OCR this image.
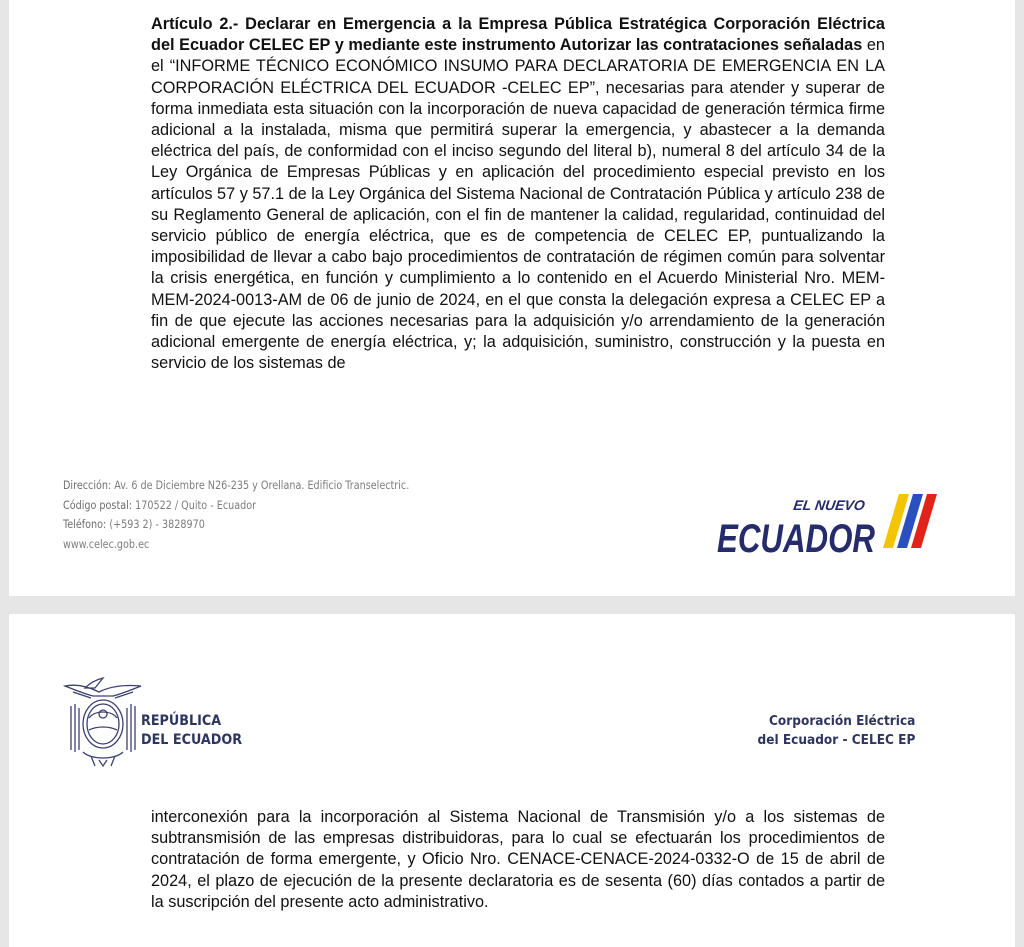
Artículo 2.- Declarar en Emergencia a la Empresa Pública Estratégica Corporación Eléctrica del Ecuador CELEC EP y mediante este instrumento Autorizar las contrataciones señaladas en el “INFORME TÉCNICO ECONÓMICO INSUMO PARA DECLARATORIA DE EMERGENCIA EN LA CORPORACIÓN ELÉCTRICA DEL ECUADOR -CELEC EP”, necesarias para atender y superar de forma inmediata esta situación con la incorporación de nueva capacidad de generación térmica firme adicional a la instalada, misma que permitirá superar la emergencia, y abastecer a la demanda eléctrica del país, de conformidad con el inciso segundo del literal b), numeral 8 del artículo 34 de la Ley Orgánica de Empresas Públicas y en aplicación del procedimiento especial previsto en los artículos 57 y 57.1 de la Ley Orgánica del Sistema Nacional de Contratación Pública y artículo 238 de su Reglamento General de aplicación, con el fin de mantener la calidad, regularidad, continuidad del servicio público de energía eléctrica, que es de competencia de CELEC EP, puntualizando la imposibilidad de llevar a cabo bajo procedimientos de contratación de régimen común para solventar la crisis energética, en función y cumplimiento a lo contenido en el Acuerdo Ministerial Nro. MEM-MEM-2024-0013-AM de 06 de junio de 2024, en el que consta la delegación expresa a CELEC EP a fin de que ejecute las acciones necesarias para la adquisición y/o arrendamiento de la generación adicional emergente de energía eléctrica, y; la adquisición, suministro, construcción y la puesta en servicio de los sistemas de

Dirección: Av. 6 de Diciembre N26-235 y Orellana. Edificio Transelectric.
Código postal: 170522 / Quito - Ecuador
Teléfono: (+593 2) - 3828970
www.celec.gob.ec
EL NUEVO
ECUADOR
REPÚBLICA
DEL ECUADOR
Corporación Eléctrica
del Ecuador - CELEC EP

interconexión para la incorporación al Sistema Nacional de Transmisión y/o a los sistemas de subtransmisión de las empresas distribuidoras, para lo cual se efectuarán los procedimientos de contratación de forma emergente, y Oficio Nro. CENACE-CENACE-2024-0332-O de 15 de abril de 2024, el plazo de ejecución de la presente declaratoria es de sesenta (60) días contados a partir de la suscripción del presente acto administrativo.
